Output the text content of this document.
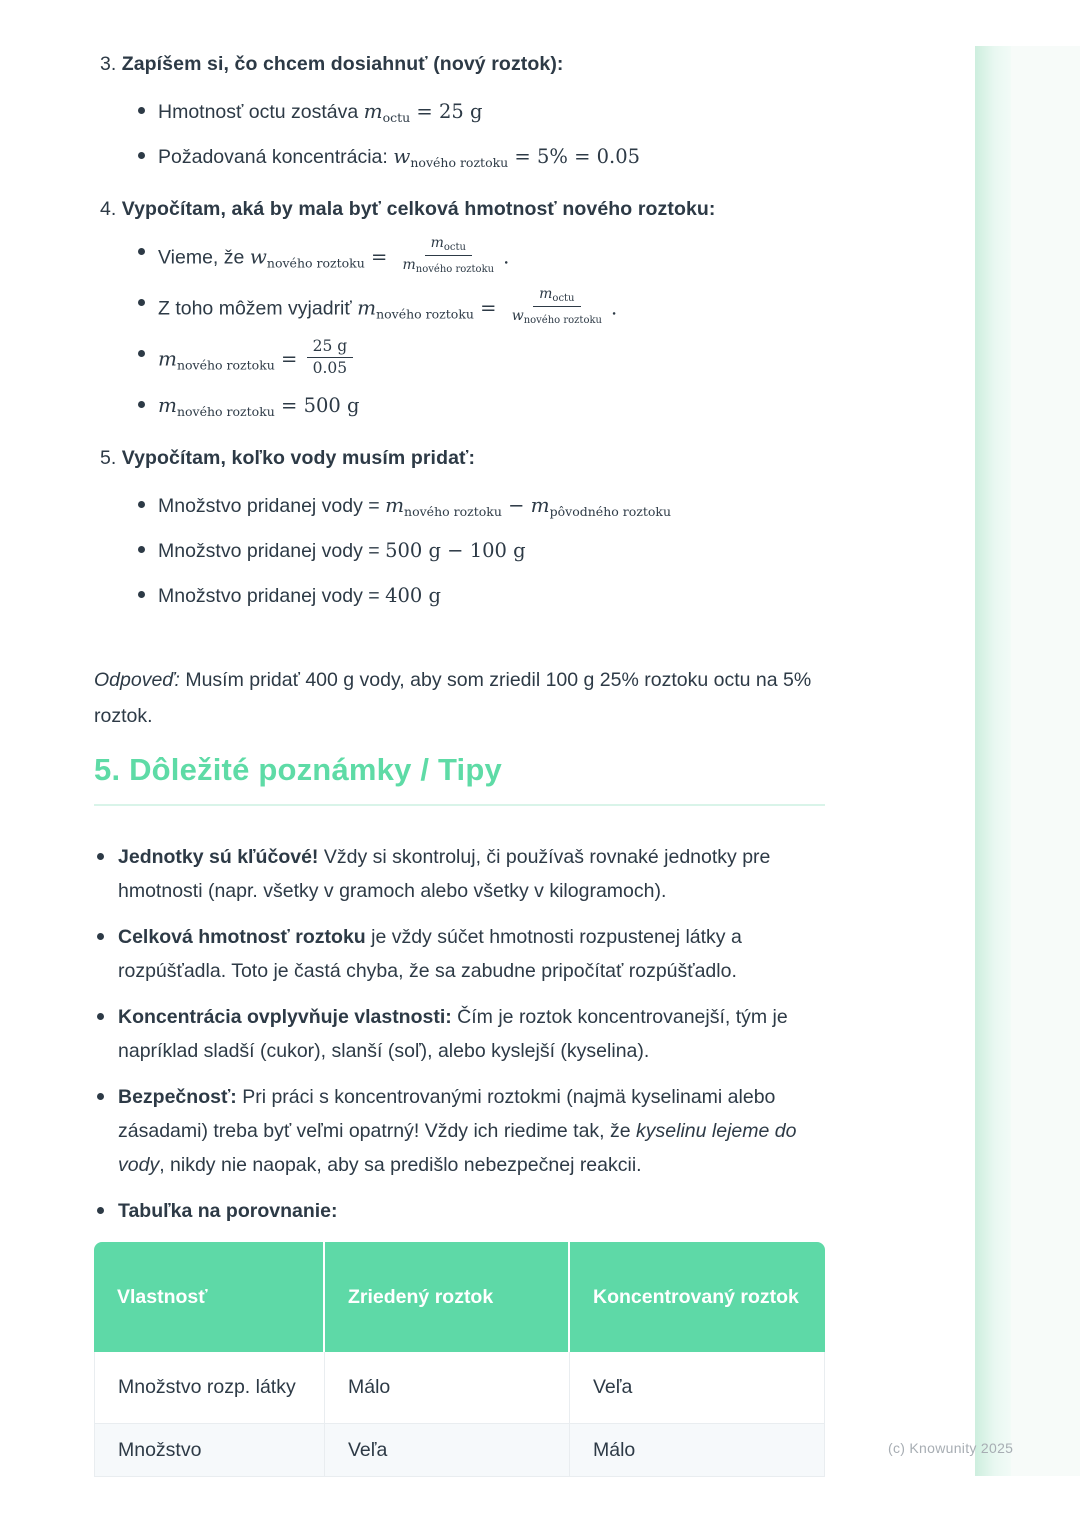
(c) Knowunity 2025
3. Zapíšem si, čo chcem dosiahnuť (nový roztok):
Hmotnosť octu zostáva $m_{octu} = 25$ g
Požadovaná koncentrácia: $w_{nového roztoku} = 5\% = 0.05$
4. Vypočítam, aká by mala byť celková hmotnosť nového roztoku:
Vieme, že $w_{nového roztoku} = \frac{m_{octu}}{m_{nového roztoku}}$ .
Z toho môžem vyjadriť $m_{nového roztoku} = \frac{m_{octu}}{w_{nového roztoku}}$ .
$m_{nového roztoku} = \frac{25 g}{0.05}$
$m_{nového roztoku} = 500$ g
5. Vypočítam, koľko vody musím pridať:
Množstvo pridanej vody = $m_{nového roztoku} - m_{pôvodného roztoku}$
Množstvo pridanej vody = 500 g − 100 g
Množstvo pridanej vody = 400 g

Odpoveď: Musím pridať 400 g vody, aby som zriedil 100 g 25% roztoku octu na 5% roztok.

5. Dôležité poznámky / Tipy
Jednotky sú kľúčové! Vždy si skontroluj, či používaš rovnaké jednotky pre hmotnosti (napr. všetky v gramoch alebo všetky v kilogramoch).
Celková hmotnosť roztoku je vždy súčet hmotnosti rozpustenej látky a rozpúšťadla. Toto je častá chyba, že sa zabudne pripočítať rozpúšťadlo.
Koncentrácia ovplyvňuje vlastnosti: Čím je roztok koncentrovanejší, tým je napríklad sladší (cukor), slanší (soľ), alebo kyslejší (kyselina).
Bezpečnosť: Pri práci s koncentrovanými roztokmi (najmä kyselinami alebo zásadami) treba byť veľmi opatrný! Vždy ich riedime tak, že kyselinu lejeme do vody, nikdy nie naopak, aby sa predišlo nebezpečnej reakcii.
Tabuľka na porovnanie:
Vlastnosť	Zriedený roztok	Koncentrovaný roztok
Množstvo rozp. látky	Málo	Veľa
Množstvo	Veľa	Málo
